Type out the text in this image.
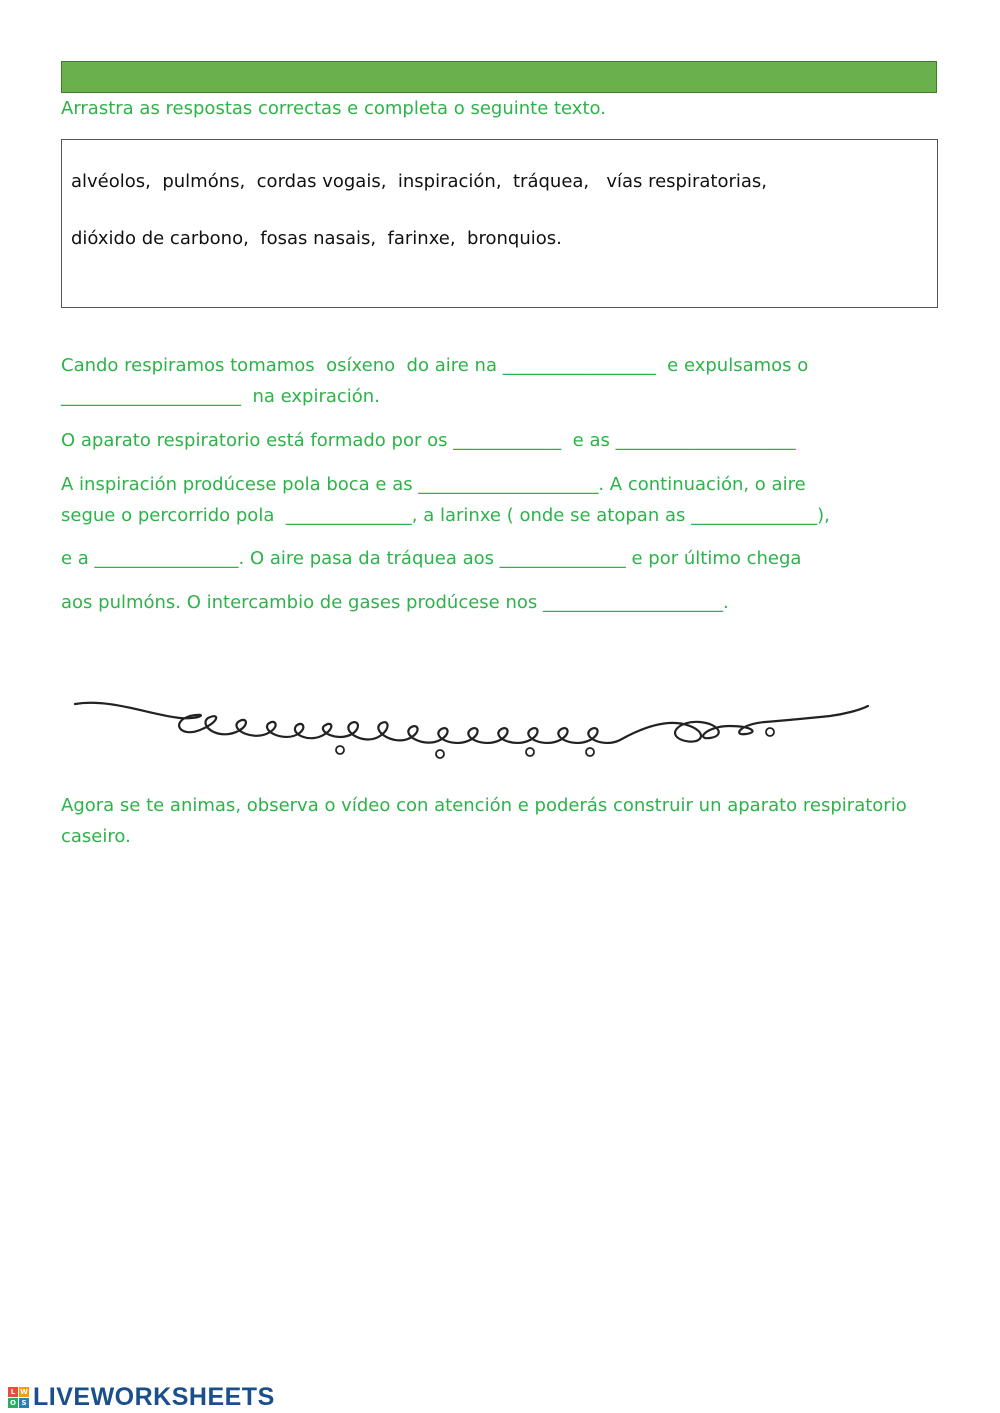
Arrastra as respostas correctas e completa o seguinte texto.
alvéolos,  pulmóns,  cordas vogais,  inspiración,  tráquea,   vías respiratorias,
dióxido de carbono,  fosas nasais,  farinxe,  bronquios.
Cando respiramos tomamos  osíxeno  do aire na _________________  e expulsamos o
____________________  na expiración.
O aparato respiratorio está formado por os ____________  e as ____________________
A inspiración prodúcese pola boca e as ____________________. A continuación, o aire
segue o percorrido pola  ______________, a larinxe ( onde se atopan as ______________),
e a ________________. O aire pasa da tráquea aos ______________ e por último chega
aos pulmóns. O intercambio de gases prodúcese nos ____________________.
Agora se te animas, observa o vídeo con atención e poderás construir un aparato respiratorio
caseiro.
L W
O S LIVEWORKSHEETS
